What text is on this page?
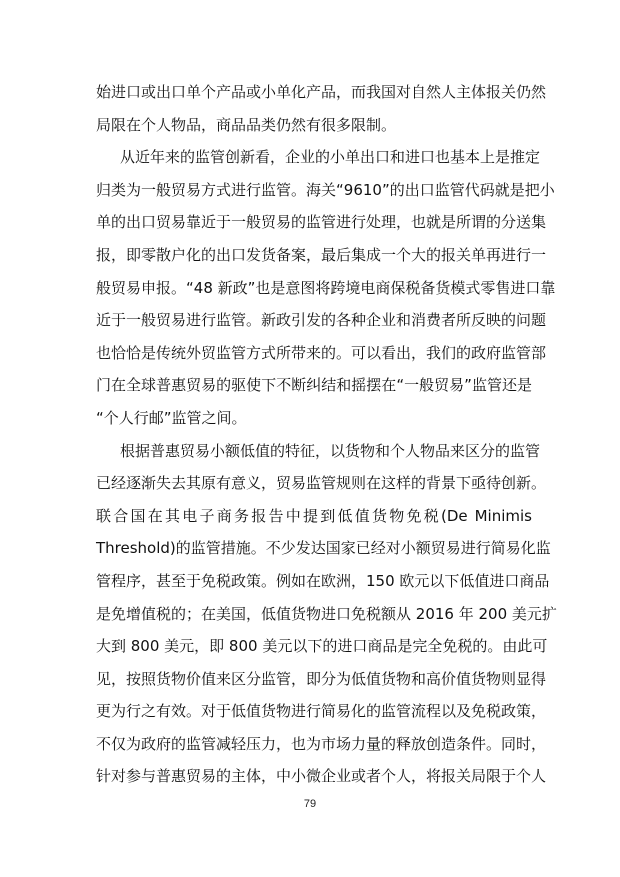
始进口或出口单个产品或小单化产品，而我国对自然人主体报关仍然
局限在个人物品，商品品类仍然有很多限制。
从近年来的监管创新看，企业的小单出口和进口也基本上是推定
归类为一般贸易方式进行监管。海关“9610”的出口监管代码就是把小
单的出口贸易靠近于一般贸易的监管进行处理，也就是所谓的分送集
报，即零散户化的出口发货备案，最后集成一个大的报关单再进行一
般贸易申报。“48 新政”也是意图将跨境电商保税备货模式零售进口靠
近于一般贸易进行监管。新政引发的各种企业和消费者所反映的问题
也恰恰是传统外贸监管方式所带来的。可以看出，我们的政府监管部
门在全球普惠贸易的驱使下不断纠结和摇摆在“一般贸易”监管还是
“个人行邮”监管之间。
根据普惠贸易小额低值的特征，以货物和个人物品来区分的监管
已经逐渐失去其原有意义，贸易监管规则在这样的背景下亟待创新。
联合国在其电子商务报告中提到低值货物免税(De Minimis
Threshold)的监管措施。不少发达国家已经对小额贸易进行简易化监
管程序，甚至于免税政策。例如在欧洲，150 欧元以下低值进口商品
是免增值税的；在美国，低值货物进口免税额从 2016 年 200 美元扩
大到 800 美元，即 800 美元以下的进口商品是完全免税的。由此可
见，按照货物价值来区分监管，即分为低值货物和高价值货物则显得
更为行之有效。对于低值货物进行简易化的监管流程以及免税政策，
不仅为政府的监管减轻压力，也为市场力量的释放创造条件。同时，
针对参与普惠贸易的主体，中小微企业或者个人，将报关局限于个人
79
